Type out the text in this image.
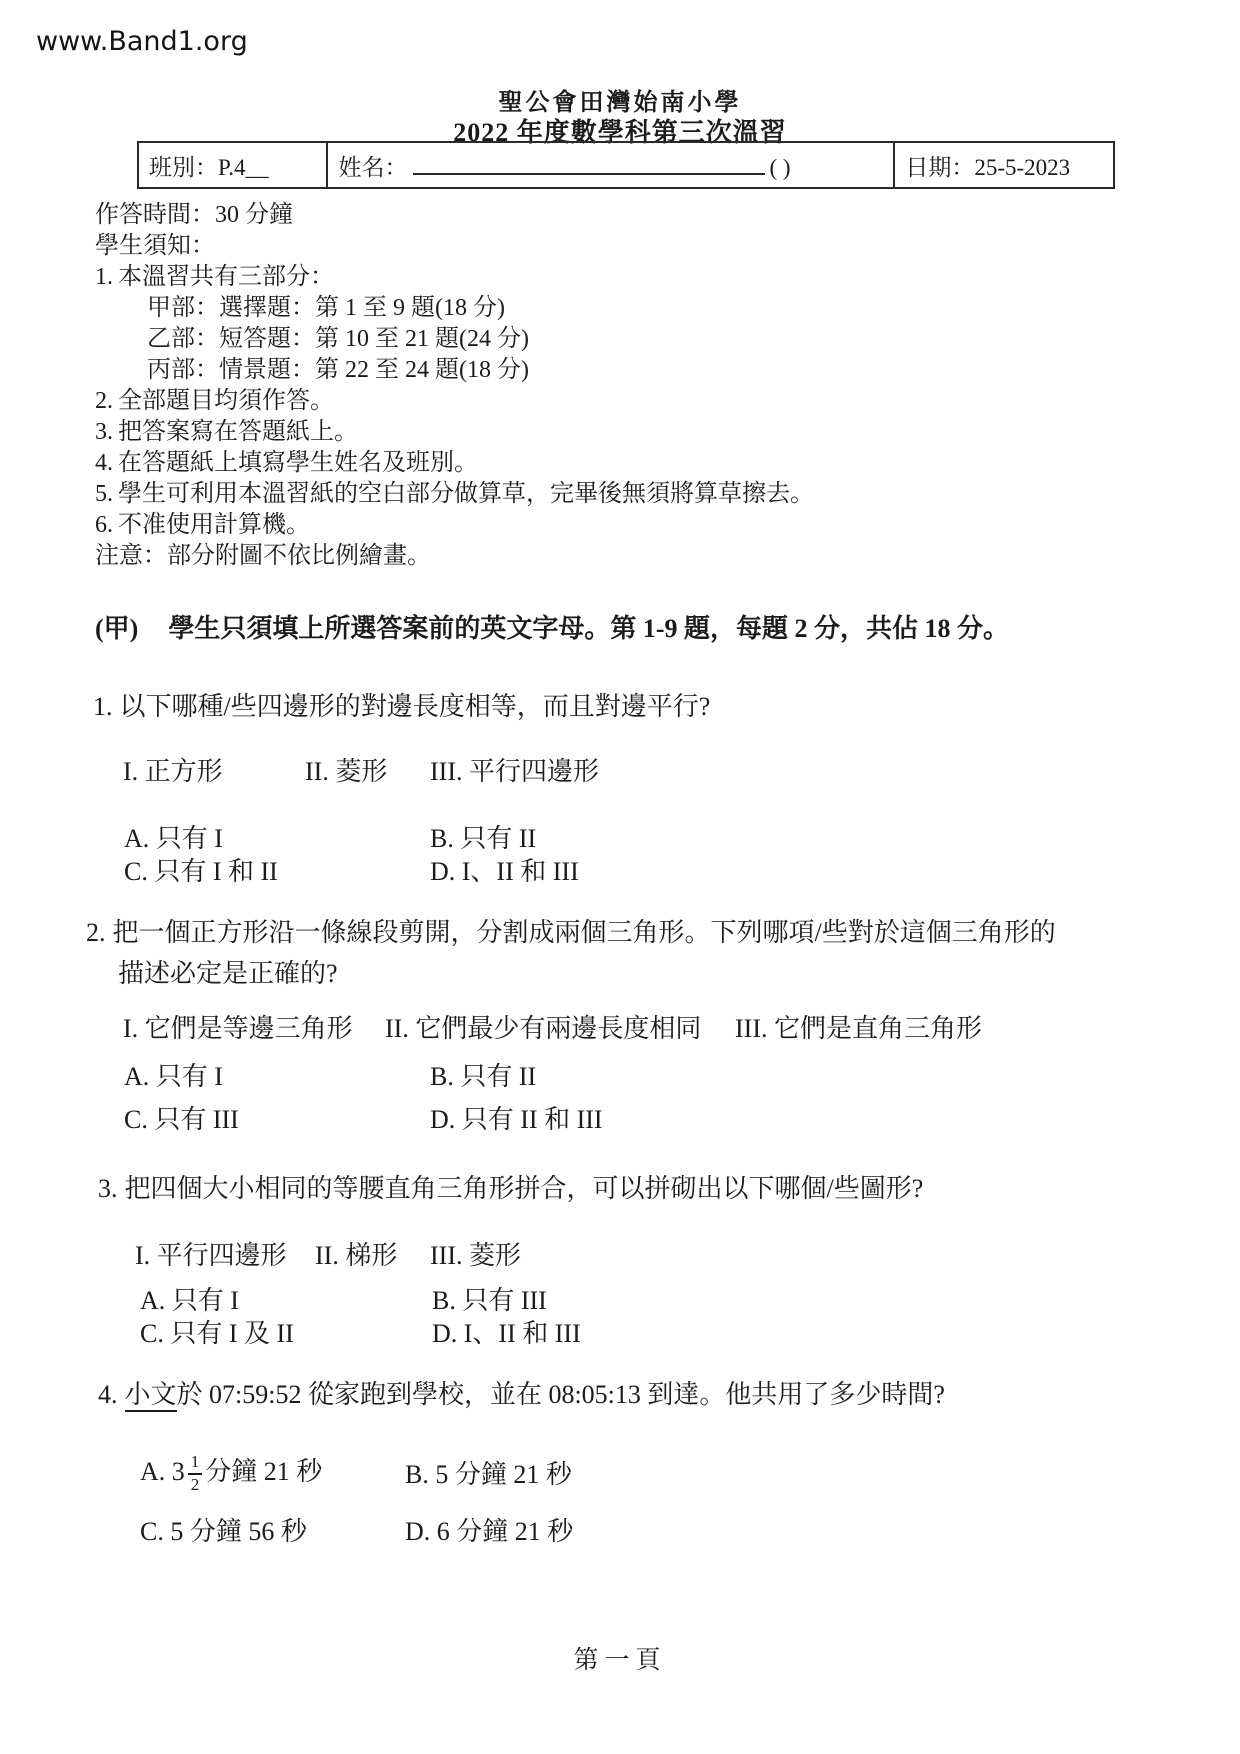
www.Band1.org
聖公會田灣始南小學
2022 年度數學科第三次溫習
班別：P.4__	姓名：	( )	日期：25-5-2023
作答時間：30 分鐘
學生須知：
1. 本溫習共有三部分：
甲部：選擇題：第 1 至 9 題(18 分)
乙部：短答題：第 10 至 21 題(24 分)
丙部：情景題：第 22 至 24 題(18 分)
2. 全部題目均須作答。
3. 把答案寫在答題紙上。
4. 在答題紙上填寫學生姓名及班別。
5. 學生可利用本溫習紙的空白部分做算草，完畢後無須將算草擦去。
6. 不准使用計算機。
注意：部分附圖不依比例繪畫。
(甲) 學生只須填上所選答案前的英文字母。第 1-9 題，每題 2 分，共佔 18 分。
1. 以下哪種/些四邊形的對邊長度相等，而且對邊平行?
I. 正方形	II. 菱形 III. 平行四邊形
A. 只有 I	B. 只有 II
C. 只有 I 和 II	D. I、II 和 III
2. 把一個正方形沿一條線段剪開，分割成兩個三角形。下列哪項/些對於這個三角形的
描述必定是正確的?
I. 它們是等邊三角形 II. 它們最少有兩邊長度相同 III. 它們是直角三角形
A. 只有 I	B. 只有 II
C. 只有 III	D. 只有 II 和 III
3. 把四個大小相同的等腰直角三角形拼合，可以拼砌出以下哪個/些圖形?
I. 平行四邊形 II. 梯形 III. 菱形
A. 只有 I	B. 只有 III
C. 只有 I 及 II	D. I、II 和 III
4. 小文於 07:59:52 從家跑到學校，並在 08:05:13 到達。他共用了多少時間?
A. $3 \frac{1}{2}$ 分鐘 21 秒	B. 5 分鐘 21 秒
C. 5 分鐘 56 秒	D. 6 分鐘 21 秒
第一頁
